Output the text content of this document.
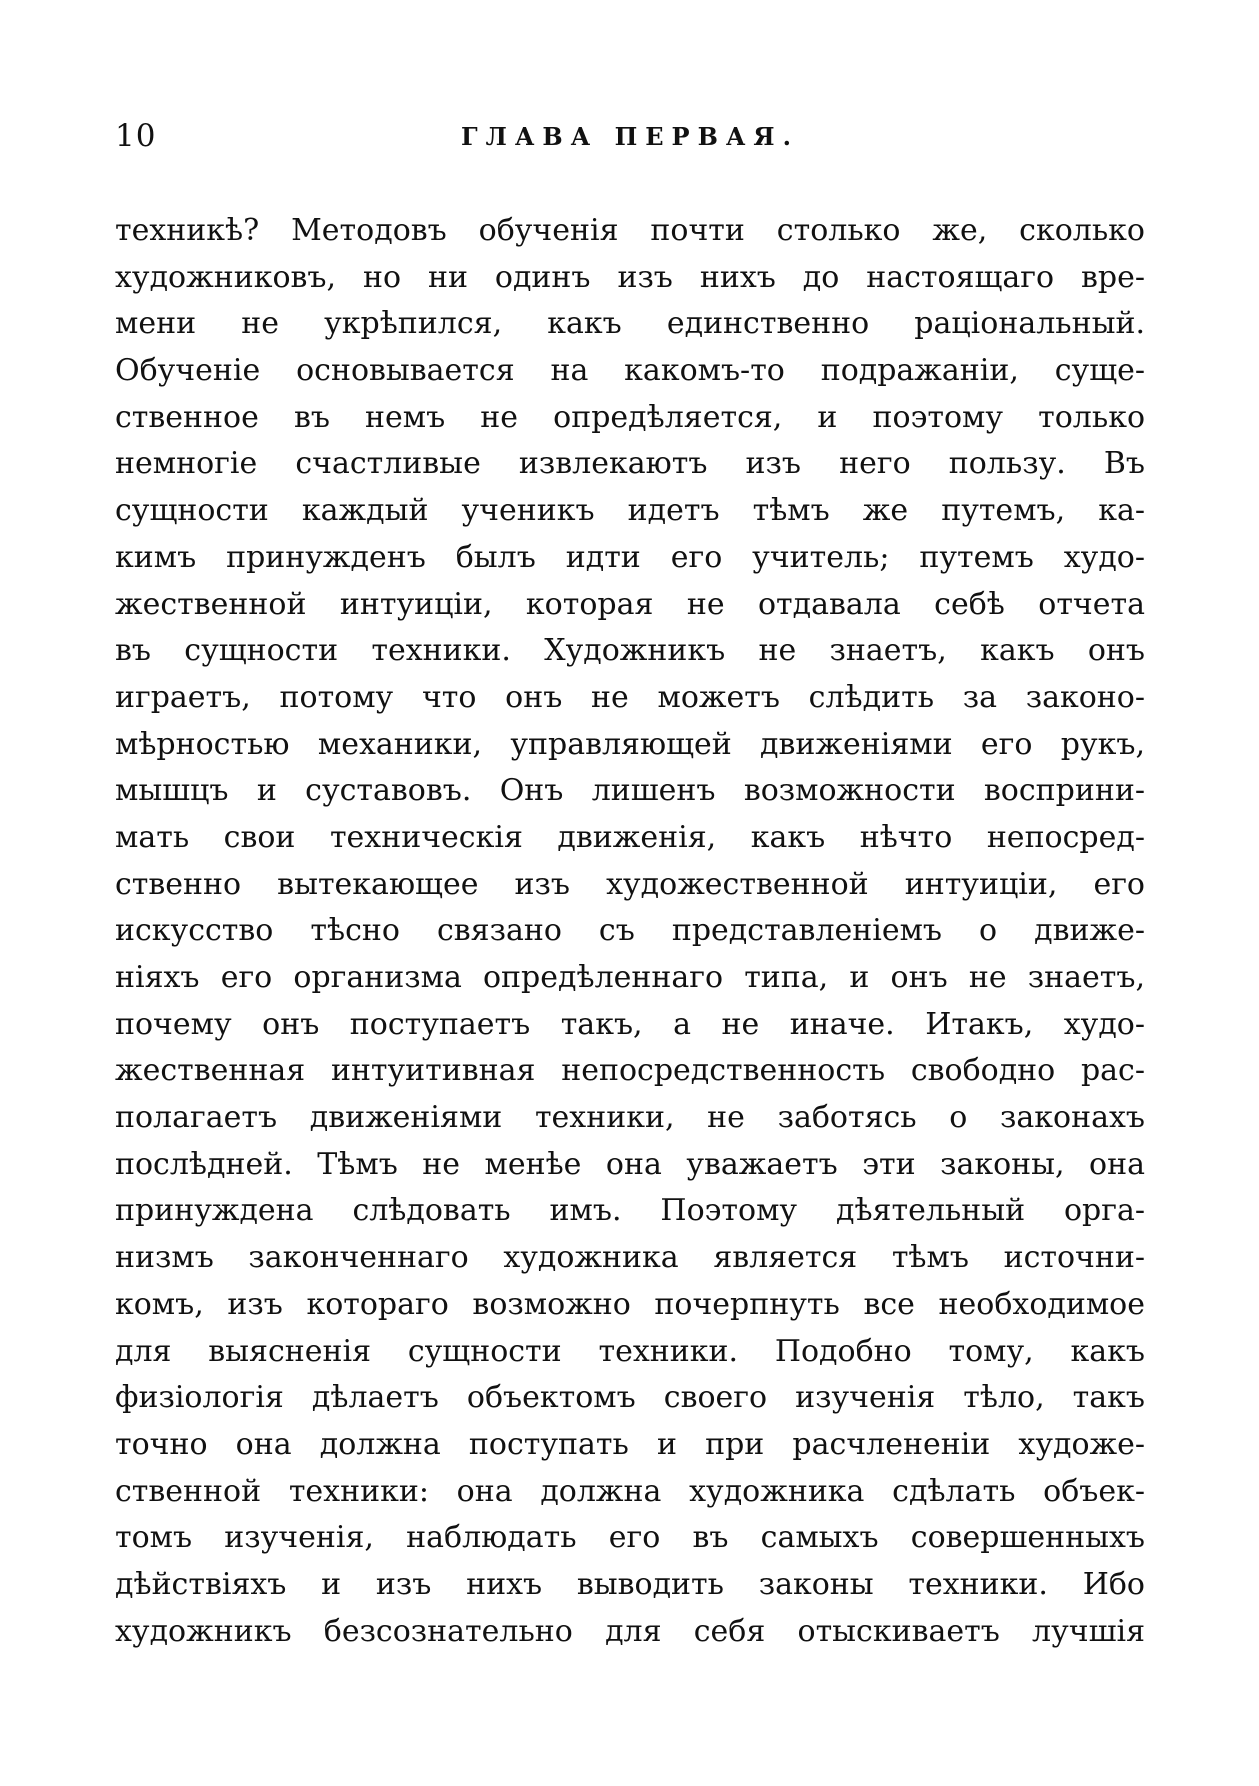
10	ГЛАВА ПЕРВАЯ.
техникѣ? Методовъ обученія почти столько же, сколько
художниковъ, но ни одинъ изъ нихъ до настоящаго вре-
мени не укрѣпился, какъ единственно раціональный.
Обученіе основывается на какомъ-то подражаніи, суще-
ственное въ немъ не опредѣляется, и поэтому только
немногіе счастливые извлекаютъ изъ него пользу. Въ
сущности каждый ученикъ идетъ тѣмъ же путемъ, ка-
кимъ принужденъ былъ идти его учитель; путемъ худо-
жественной интуиціи, которая не отдавала себѣ отчета
въ сущности техники. Художникъ не знаетъ, какъ онъ
играетъ, потому что онъ не можетъ слѣдить за законо-
мѣрностью механики, управляющей движеніями его рукъ,
мышцъ и суставовъ. Онъ лишенъ возможности восприни-
мать свои техническія движенія, какъ нѣчто непосред-
ственно вытекающее изъ художественной интуиціи, его
искусство тѣсно связано съ представленіемъ о движе-
ніяхъ его организма опредѣленнаго типа, и онъ не знаетъ,
почему онъ поступаетъ такъ, а не иначе. Итакъ, худо-
жественная интуитивная непосредственность свободно рас-
полагаетъ движеніями техники, не заботясь о законахъ
послѣдней. Тѣмъ не менѣе она уважаетъ эти законы, она
принуждена слѣдовать имъ. Поэтому дѣятельный орга-
низмъ законченнаго художника является тѣмъ источни-
комъ, изъ котораго возможно почерпнуть все необходимое
для выясненія сущности техники. Подобно тому, какъ
физіологія дѣлаетъ объектомъ своего изученія тѣло, такъ
точно она должна поступать и при расчлененіи художе-
ственной техники: она должна художника сдѣлать объек-
томъ изученія, наблюдать его въ самыхъ совершенныхъ
дѣйствіяхъ и изъ нихъ выводить законы техники. Ибо
художникъ безсознательно для себя отыскиваетъ лучшія
